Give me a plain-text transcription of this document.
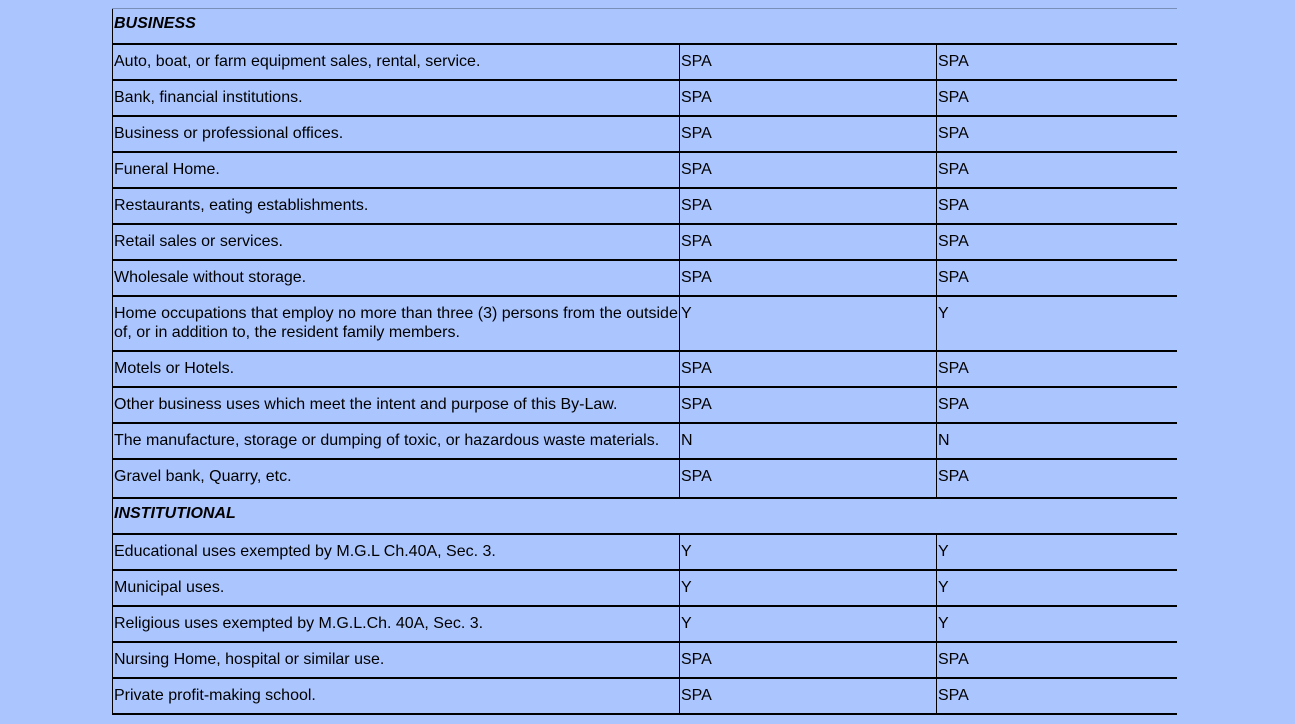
BUSINESS		
Auto, boat, or farm equipment sales, rental, service.	SPA	SPA
Bank, financial institutions.	SPA	SPA
Business or professional offices.	SPA	SPA
Funeral Home.	SPA	SPA
Restaurants, eating establishments.	SPA	SPA
Retail sales or services.	SPA	SPA
Wholesale without storage.	SPA	SPA
Home occupations that employ no more than three (3) persons from the outside of, or in addition to, the resident family members.	Y	Y
Motels or Hotels.	SPA	SPA
Other business uses which meet the intent and purpose of this By-Law.	SPA	SPA
The manufacture, storage or dumping of toxic, or hazardous waste materials.	N	N
Gravel bank, Quarry, etc.	SPA	SPA
INSTITUTIONAL		
Educational uses exempted by M.G.L Ch.40A, Sec. 3.	Y	Y
Municipal uses.	Y	Y
Religious uses exempted by M.G.L.Ch. 40A, Sec. 3.	Y	Y
Nursing Home, hospital or similar use.	SPA	SPA
Private profit-making school.	SPA	SPA
